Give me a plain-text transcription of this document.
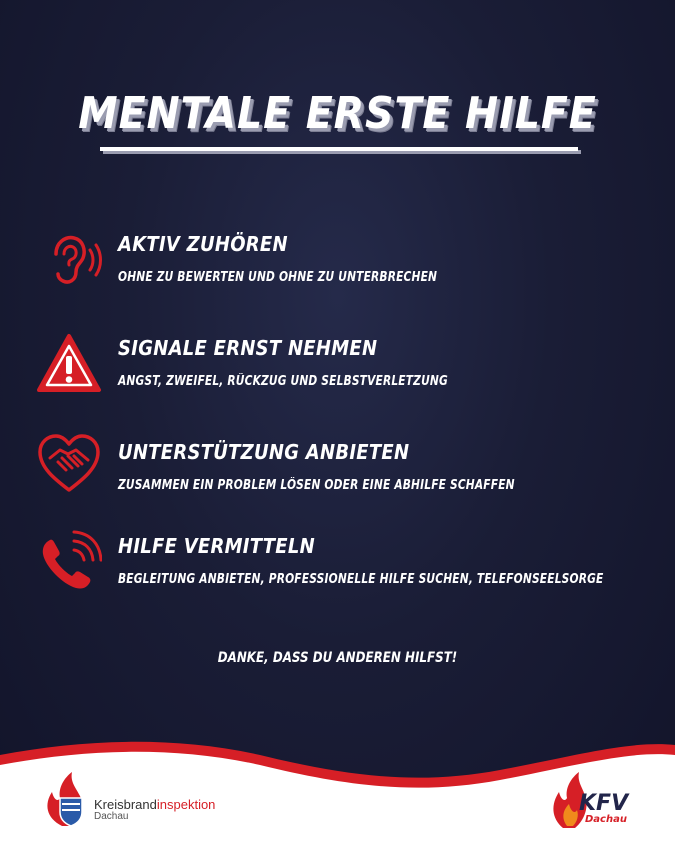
MENTALE ERSTE HILFE
AKTIV ZUHÖREN
OHNE ZU BEWERTEN UND OHNE ZU UNTERBRECHEN
SIGNALE ERNST NEHMEN
ANGST, ZWEIFEL, RÜCKZUG UND SELBSTVERLETZUNG
UNTERSTÜTZUNG ANBIETEN
ZUSAMMEN EIN PROBLEM LÖSEN ODER EINE ABHILFE SCHAFFEN
HILFE VERMITTELN
BEGLEITUNG ANBIETEN, PROFESSIONELLE HILFE SUCHEN, TELEFONSEELSORGE
DANKE, DASS DU ANDEREN HILFST!
Kreisbrandinspektion
Dachau
KFV
Dachau
